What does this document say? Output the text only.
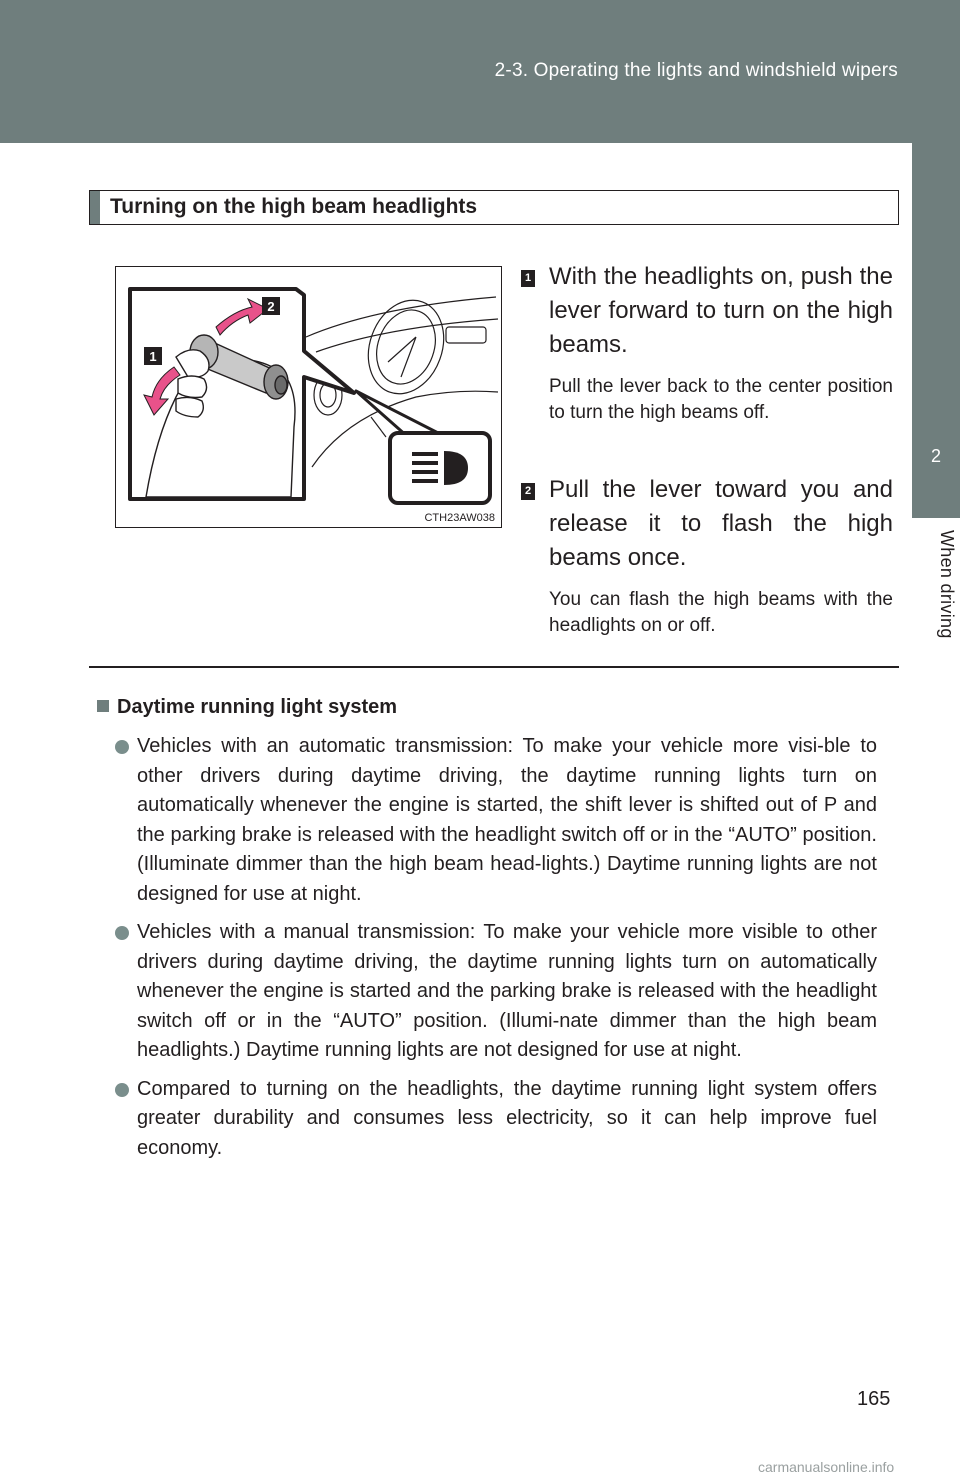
2-3. Operating the lights and windshield wipers
2
When driving
Turning on the high beam headlights
2
1
CTH23AW038
1 With the headlights on, push the lever forward to turn on the high beams.

Pull the lever back to the center position to turn the high beams off.

2 Pull the lever toward you and release it to flash the high beams once.

You can flash the high beams with the headlights on or off.

Daytime running light system
Vehicles with an automatic transmission: To make your vehicle more visi-ble to other drivers during daytime driving, the daytime running lights turn on automatically whenever the engine is started, the shift lever is shifted out of P and the parking brake is released with the headlight switch off or in the “AUTO” position. (Illuminate dimmer than the high beam head-lights.) Daytime running lights are not designed for use at night.
Vehicles with a manual transmission: To make your vehicle more visible to other drivers during daytime driving, the daytime running lights turn on automatically whenever the engine is started and the parking brake is released with the headlight switch off or in the “AUTO” position. (Illumi-nate dimmer than the high beam headlights.) Daytime running lights are not designed for use at night.
Compared to turning on the headlights, the daytime running light system offers greater durability and consumes less electricity, so it can help improve fuel economy.
165
carmanualsonline.info
